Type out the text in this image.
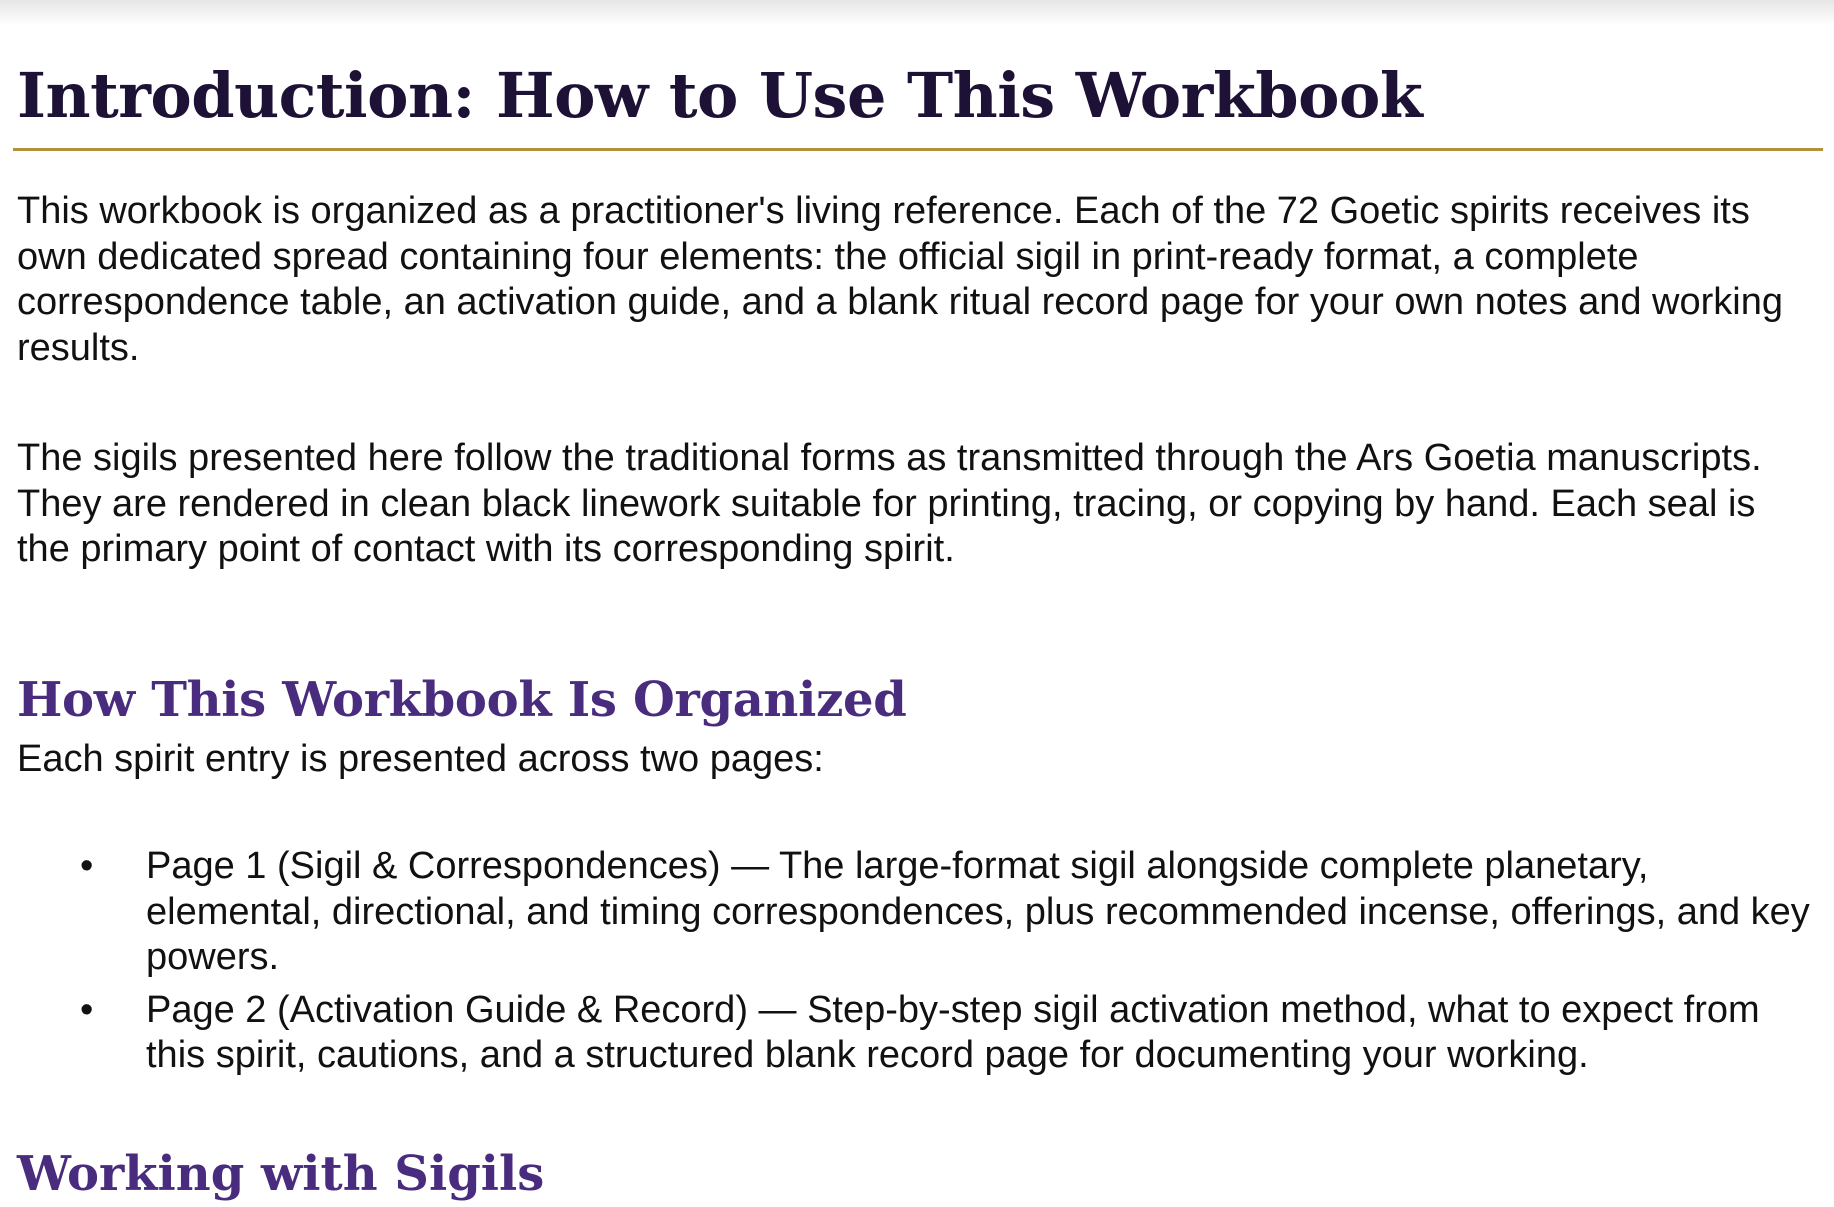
Introduction: How to Use This Workbook

This workbook is organized as a practitioner's living reference. Each of the 72 Goetic spirits receives its own dedicated spread containing four elements: the official sigil in print-ready format, a complete correspondence table, an activation guide, and a blank ritual record page for your own notes and working results.

The sigils presented here follow the traditional forms as transmitted through the Ars Goetia manuscripts. They are rendered in clean black linework suitable for printing, tracing, or copying by hand. Each seal is the primary point of contact with its corresponding spirit.

How This Workbook Is Organized

Each spirit entry is presented across two pages:

• Page 1 (Sigil & Correspondences) — The large-format sigil alongside complete planetary, elemental, directional, and timing correspondences, plus recommended incense, offerings, and key powers.
• Page 2 (Activation Guide & Record) — Step-by-step sigil activation method, what to expect from this spirit, cautions, and a structured blank record page for documenting your working.
Working with Sigils
